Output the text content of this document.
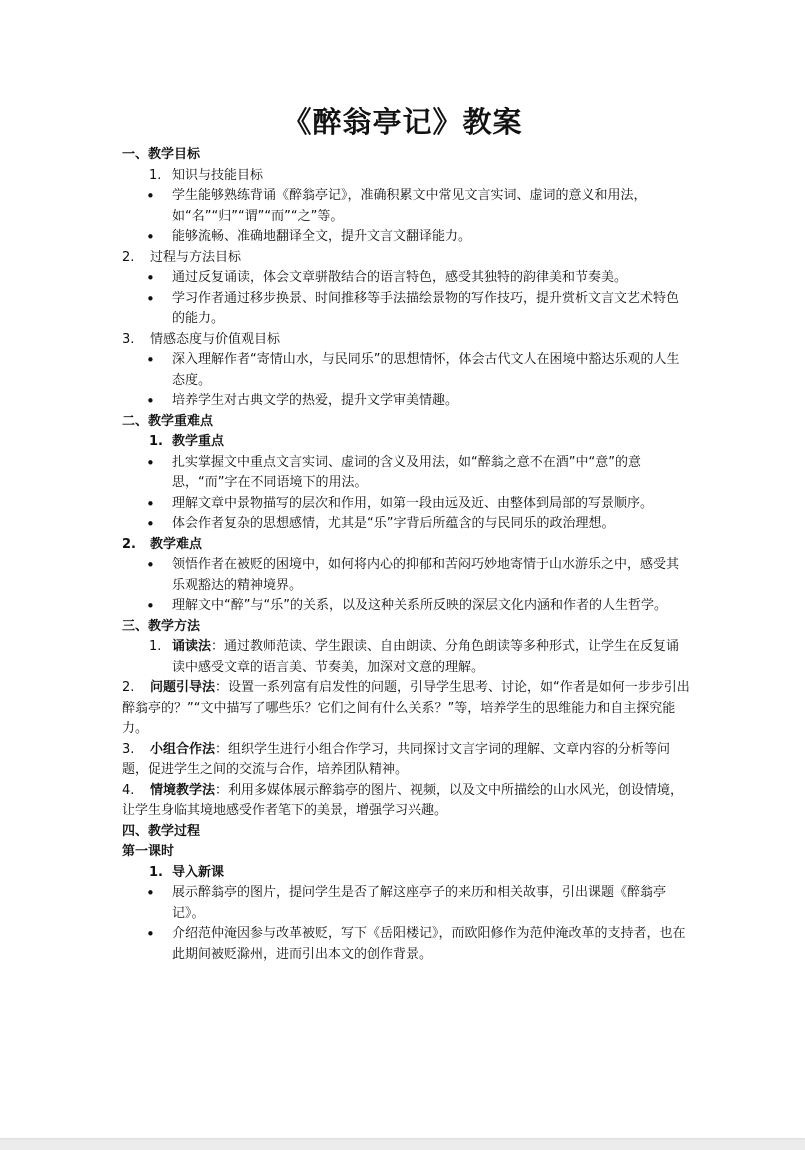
《醉翁亭记》教案
一、教学目标
1. 知识与技能目标
• 学生能够熟练背诵《醉翁亭记》，准确积累文中常见文言实词、虚词的意义和用法，如“名”“归”“谓”“而”“之”等。
• 能够流畅、准确地翻译全文，提升文言文翻译能力。
2. 过程与方法目标
• 通过反复诵读，体会文章骈散结合的语言特色，感受其独特的韵律美和节奏美。
• 学习作者通过移步换景、时间推移等手法描绘景物的写作技巧，提升赏析文言文艺术特色的能力。
3. 情感态度与价值观目标
• 深入理解作者“寄情山水，与民同乐”的思想情怀，体会古代文人在困境中豁达乐观的人生态度。
• 培养学生对古典文学的热爱，提升文学审美情趣。
二、教学重难点
1. 教学重点
• 扎实掌握文中重点文言实词、虚词的含义及用法，如“醉翁之意不在酒”中“意”的意思，“而”字在不同语境下的用法。
• 理解文章中景物描写的层次和作用，如第一段由远及近、由整体到局部的写景顺序。
• 体会作者复杂的思想感情，尤其是“乐”字背后所蕴含的与民同乐的政治理想。
2. 教学难点
• 领悟作者在被贬的困境中，如何将内心的抑郁和苦闷巧妙地寄情于山水游乐之中，感受其乐观豁达的精神境界。
• 理解文中“醉”与“乐”的关系，以及这种关系所反映的深层文化内涵和作者的人生哲学。
三、教学方法
1. 诵读法：通过教师范读、学生跟读、自由朗读、分角色朗读等多种形式，让学生在反复诵读中感受文章的语言美、节奏美，加深对文意的理解。
2. 问题引导法：设置一系列富有启发性的问题，引导学生思考、讨论，如“作者是如何一步步引出醉翁亭的？”“文中描写了哪些乐？它们之间有什么关系？”等，培养学生的思维能力和自主探究能力。
3. 小组合作法：组织学生进行小组合作学习，共同探讨文言字词的理解、文章内容的分析等问题，促进学生之间的交流与合作，培养团队精神。
4. 情境教学法：利用多媒体展示醉翁亭的图片、视频，以及文中所描绘的山水风光，创设情境，让学生身临其境地感受作者笔下的美景，增强学习兴趣。
四、教学过程
第一课时
1. 导入新课
• 展示醉翁亭的图片，提问学生是否了解这座亭子的来历和相关故事，引出课题《醉翁亭记》。
• 介绍范仲淹因参与改革被贬，写下《岳阳楼记》，而欧阳修作为范仲淹改革的支持者，也在此期间被贬滁州，进而引出本文的创作背景。
